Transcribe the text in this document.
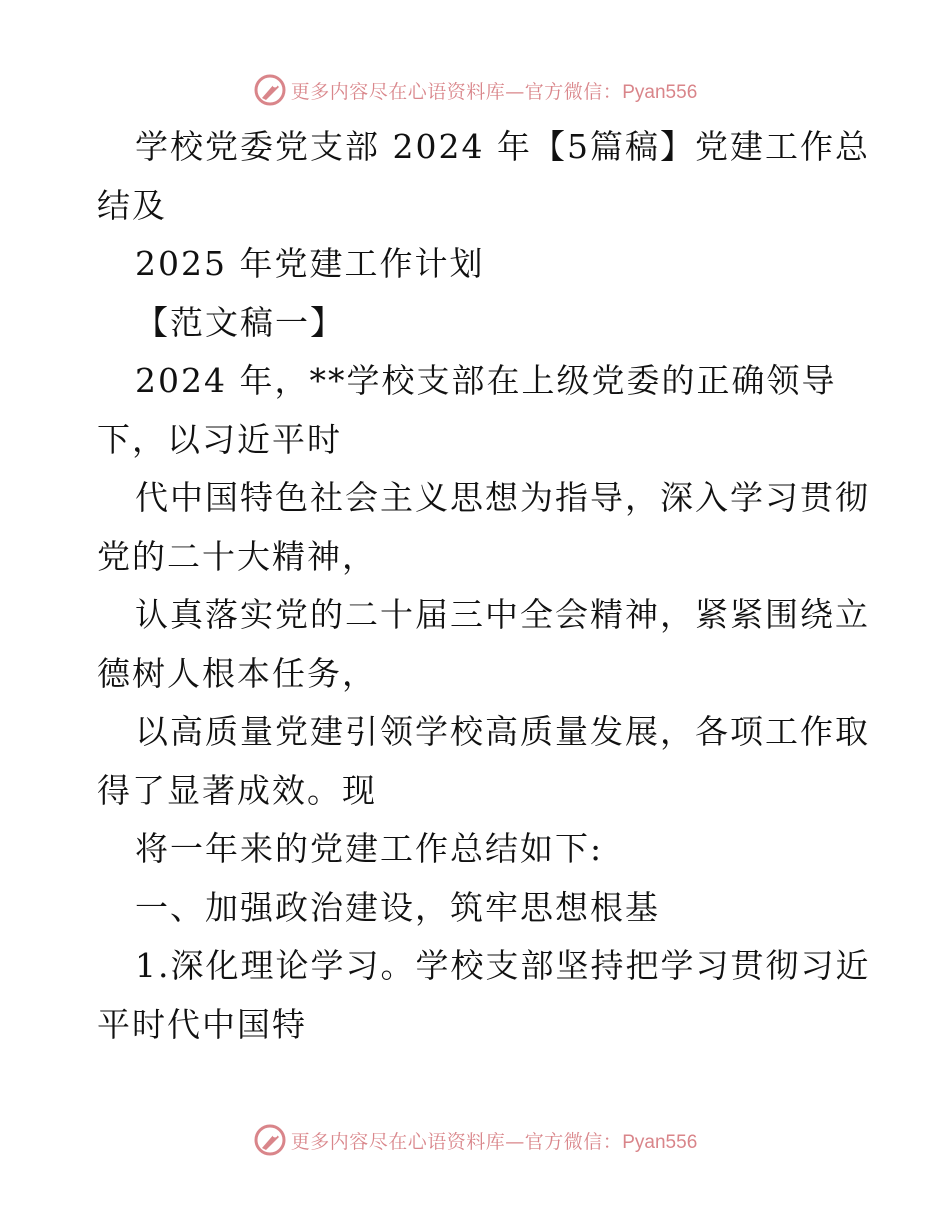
更多内容尽在心语资料库—官方微信：Pyan556
学校党委党支部 2024 年【5篇稿】党建工作总
结及
2025 年党建工作计划
【范文稿一】
2024 年，**学校支部在上级党委的正确领导
下，以习近平时
代中国特色社会主义思想为指导，深入学习贯彻
党的二十大精神，
认真落实党的二十届三中全会精神，紧紧围绕立
德树人根本任务，
以高质量党建引领学校高质量发展，各项工作取
得了显著成效。现
将一年来的党建工作总结如下:
一、加强政治建设，筑牢思想根基
1.深化理论学习。学校支部坚持把学习贯彻习近
平时代中国特
更多内容尽在心语资料库—官方微信：Pyan556
